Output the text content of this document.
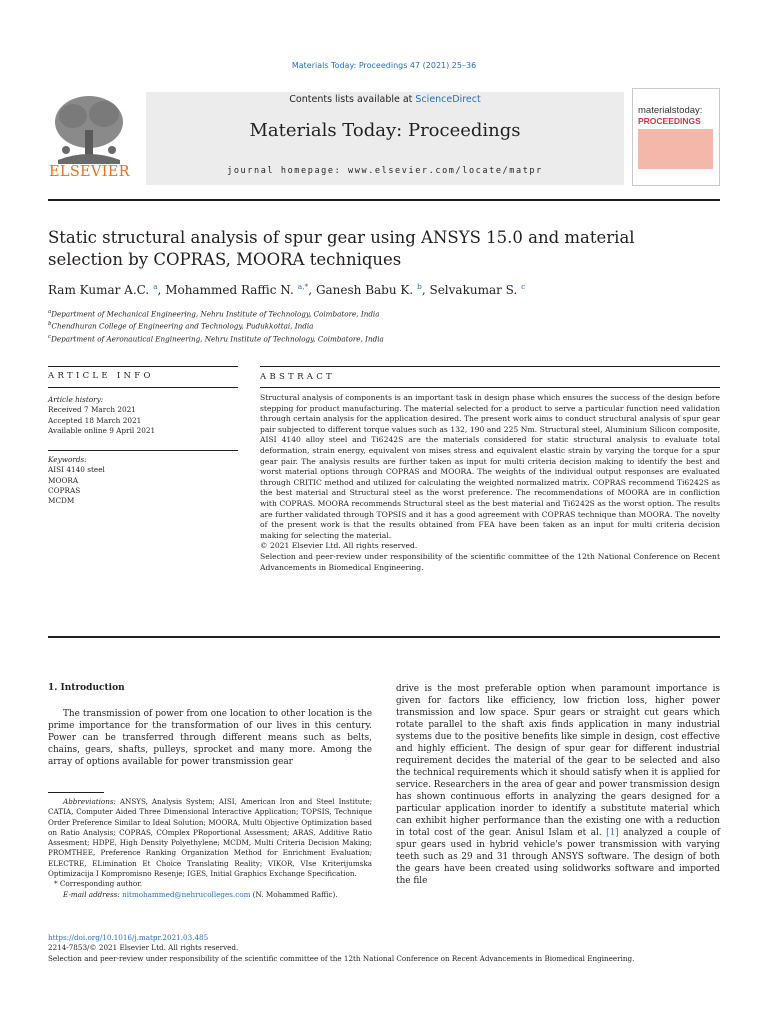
Materials Today: Proceedings 47 (2021) 25–36
ELSEVIER
Contents lists available at ScienceDirect
Materials Today: Proceedings
journal homepage: www.elsevier.com/locate/matpr
materialstoday:
PROCEEDINGS
Static structural analysis of spur gear using ANSYS 15.0 and material selection by COPRAS, MOORA techniques
Ram Kumar A.C. $^a$, Mohammed Raffic N. $^{a,*}$, Ganesh Babu K. $^b$, Selvakumar S. $^c$
$^a$Department of Mechanical Engineering, Nehru Institute of Technology, Coimbatore, India
$^b$Chendhuran College of Engineering and Technology, Pudukkottai, India
$^c$Department of Aeronautical Engineering, Nehru Institute of Technology, Coimbatore, India
ARTICLE INFO	ABSTRACT
Article history:
Received 7 March 2021
Accepted 18 March 2021
Available online 9 April 2021
Keywords:
AISI 4140 steel
MOORA
COPRAS
MCDM

Structural analysis of components is an important task in design phase which ensures the success of the design before stepping for product manufacturing. The material selected for a product to serve a particular function need validation through certain analysis for the application desired. The present work aims to conduct structural analysis of spur gear pair subjected to different torque values such as 132, 190 and 225 Nm. Structural steel, Aluminium Silicon composite, AISI 4140 alloy steel and Ti6242S are the materials considered for static structural analysis to evaluate total deformation, strain energy, equivalent von mises stress and equivalent elastic strain by varying the torque for a spur gear pair. The analysis results are further taken as input for multi criteria decision making to identify the best and worst material options through COPRAS and MOORA. The weights of the individual output responses are evaluated through CRITIC method and utilized for calculating the weighted normalized matrix. COPRAS recommend Ti6242S as the best material and Structural steel as the worst preference. The recommendations of MOORA are in confliction with COPRAS. MOORA recommends Structural steel as the best material and Ti6242S as the worst option. The results are further validated through TOPSIS and it has a good agreement with COPRAS technique than MOORA. The novelty of the present work is that the results obtained from FEA have been taken as an input for multi criteria decision making for selecting the material.

© 2021 Elsevier Ltd. All rights reserved.

Selection and peer-review under responsibility of the scientific committee of the 12th National Conference on Recent Advancements in Biomedical Engineering.

1. Introduction

The transmission of power from one location to other location is the prime importance for the transformation of our lives in this century. Power can be transferred through different means such as belts, chains, gears, shafts, pulleys, sprocket and many more. Among the array of options available for power transmission gear

Abbreviations: ANSYS, Analysis System; AISI, American Iron and Steel Institute; CATIA, Computer Aided Three Dimensional Interactive Application; TOPSIS, Technique Order Preference Similar to Ideal Solution; MOORA, Multi Objective Optimization based on Ratio Analysis; COPRAS, COmplex PRoportional Assessment; ARAS, Additive Ratio Assesment; HDPE, High Density Polyethylene; MCDM, Multi Criteria Decision Making; PROMTHEE, Preference Ranking Organization Method for Enrichment Evaluation; ELECTRE, ELimination Et Choice Translating Reality; VIKOR, VIse Kriterijumska Optimizacija I Kompromisno Resenje; IGES, Initial Graphics Exchange Specification.

* Corresponding author.

E-mail address: nitmohammed@nehrucolleges.com (N. Mohammed Raffic).

drive is the most preferable option when paramount importance is given for factors like efficiency, low friction loss, higher power transmission and low space. Spur gears or straight cut gears which rotate parallel to the shaft axis finds application in many industrial systems due to the positive benefits like simple in design, cost effective and highly efficient. The design of spur gear for different industrial requirement decides the material of the gear to be selected and also the technical requirements which it should satisfy when it is applied for service. Researchers in the area of gear and power transmission design has shown continuous efforts in analyzing the gears designed for a particular application inorder to identify a substitute material which can exhibit higher performance than the existing one with a reduction in total cost of the gear. Anisul Islam et al. [1] analyzed a couple of spur gears used in hybrid vehicle's power transmission with varying teeth such as 29 and 31 through ANSYS software. The design of both the gears have been created using solidworks software and imported the file

https://doi.org/10.1016/j.matpr.2021.03.485
2214-7853/© 2021 Elsevier Ltd. All rights reserved.
Selection and peer-review under responsibility of the scientific committee of the 12th National Conference on Recent Advancements in Biomedical Engineering.
